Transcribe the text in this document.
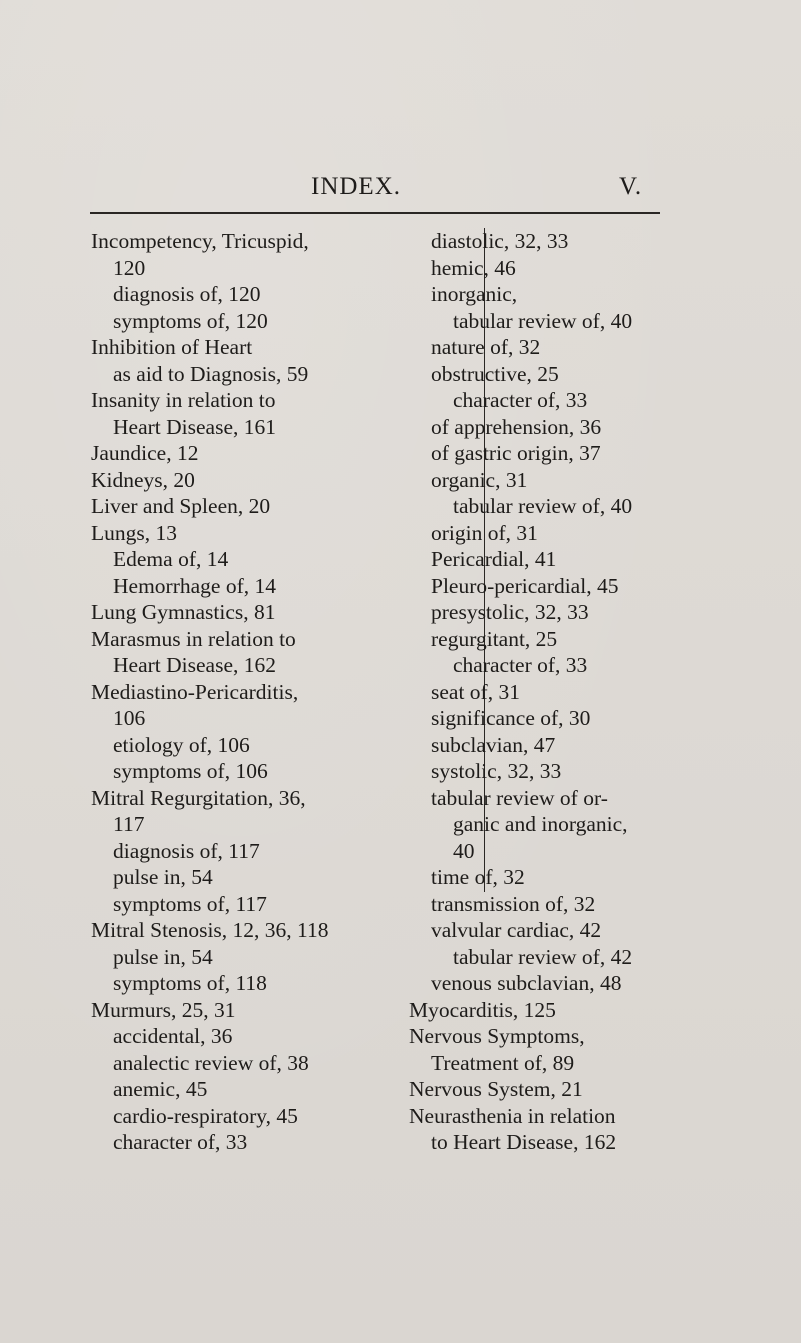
INDEX.	V.
Incompetency, Tricuspid,
120
diagnosis of, 120
symptoms of, 120
Inhibition of Heart
as aid to Diagnosis, 59
Insanity in relation to
Heart Disease, 161
Jaundice, 12
Kidneys, 20
Liver and Spleen, 20
Lungs, 13
Edema of, 14
Hemorrhage of, 14
Lung Gymnastics, 81
Marasmus in relation to
Heart Disease, 162
Mediastino-Pericarditis,
106
etiology of, 106
symptoms of, 106
Mitral Regurgitation, 36,
117
diagnosis of, 117
pulse in, 54
symptoms of, 117
Mitral Stenosis, 12, 36, 118
pulse in, 54
symptoms of, 118
Murmurs, 25, 31
accidental, 36
analectic review of, 38
anemic, 45
cardio-respiratory, 45
character of, 33
diastolic, 32, 33
hemic, 46
inorganic,
tabular review of, 40
nature of, 32
obstructive, 25
character of, 33
of apprehension, 36
of gastric origin, 37
organic, 31
tabular review of, 40
origin of, 31
Pericardial, 41
Pleuro-pericardial, 45
presystolic, 32, 33
regurgitant, 25
character of, 33
seat of, 31
significance of, 30
subclavian, 47
systolic, 32, 33
tabular review of or-
ganic and inorganic,
40
time of, 32
transmission of, 32
valvular cardiac, 42
tabular review of, 42
venous subclavian, 48
Myocarditis, 125
Nervous Symptoms,
Treatment of, 89
Nervous System, 21
Neurasthenia in relation
to Heart Disease, 162
